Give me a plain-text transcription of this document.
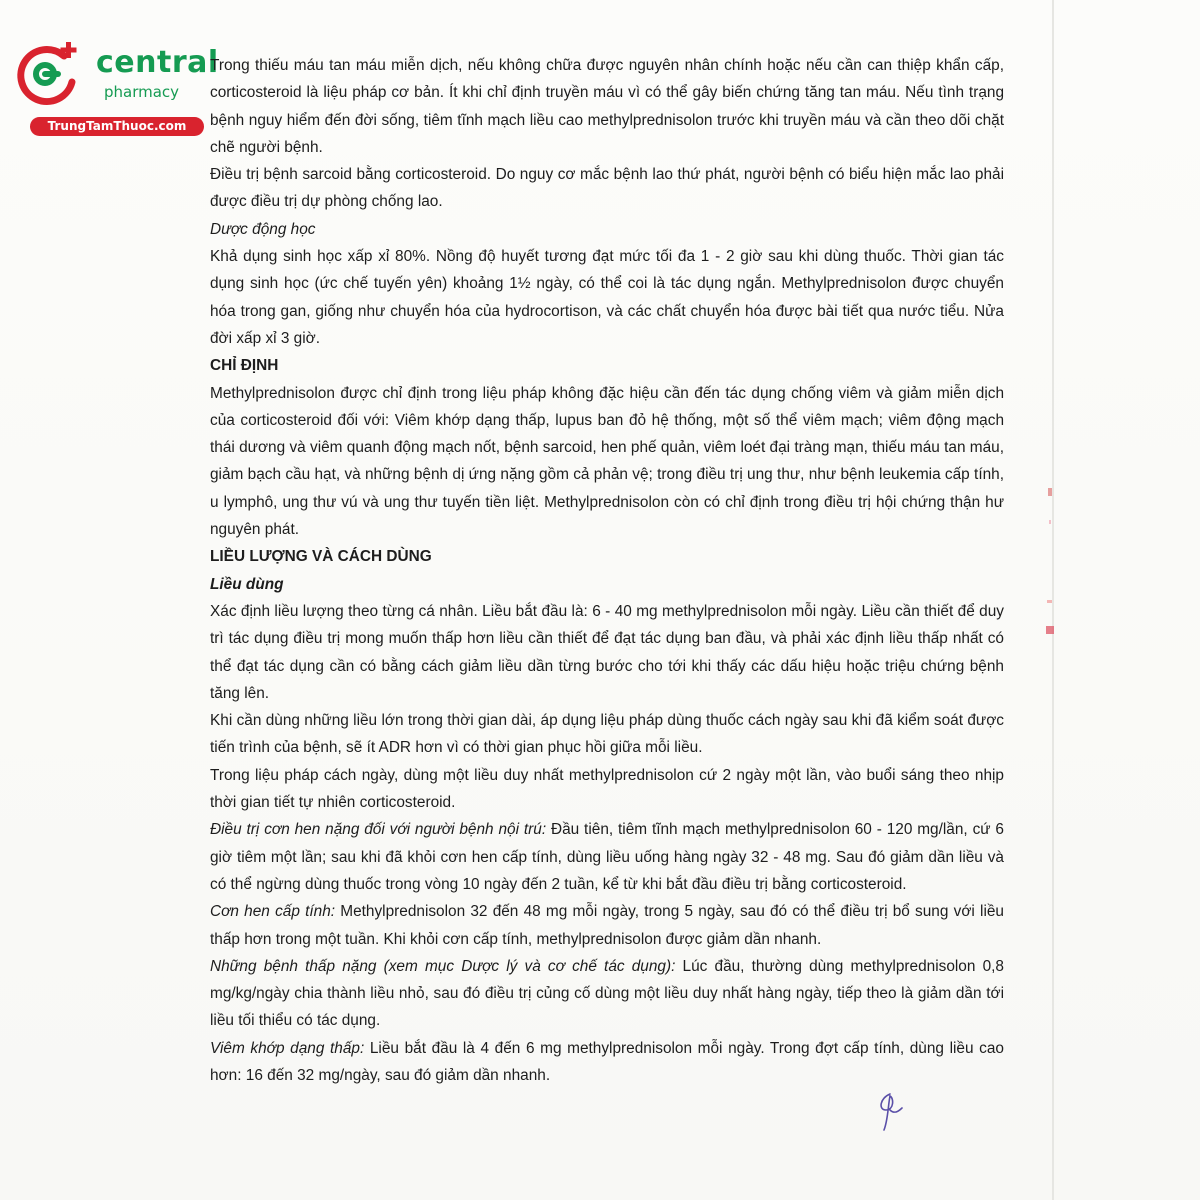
central
pharmacy
TrungTamThuoc.com

Trong thiếu máu tan máu miễn dịch, nếu không chữa được nguyên nhân chính hoặc nếu cần can thiệp khẩn cấp, corticosteroid là liệu pháp cơ bản. Ít khi chỉ định truyền máu vì có thể gây biến chứng tăng tan máu. Nếu tình trạng bệnh nguy hiểm đến đời sống, tiêm tĩnh mạch liều cao methylprednisolon trước khi truyền máu và cần theo dõi chặt chẽ người bệnh.

Điều trị bệnh sarcoid bằng corticosteroid. Do nguy cơ mắc bệnh lao thứ phát, người bệnh có biểu hiện mắc lao phải được điều trị dự phòng chống lao.

Dược động học

Khả dụng sinh học xấp xỉ 80%. Nồng độ huyết tương đạt mức tối đa 1 - 2 giờ sau khi dùng thuốc. Thời gian tác dụng sinh học (ức chế tuyến yên) khoảng 1½ ngày, có thể coi là tác dụng ngắn. Methylprednisolon được chuyển hóa trong gan, giống như chuyển hóa của hydrocortison, và các chất chuyển hóa được bài tiết qua nước tiểu. Nửa đời xấp xỉ 3 giờ.

CHỈ ĐỊNH

Methylprednisolon được chỉ định trong liệu pháp không đặc hiệu cần đến tác dụng chống viêm và giảm miễn dịch của corticosteroid đối với: Viêm khớp dạng thấp, lupus ban đỏ hệ thống, một số thể viêm mạch; viêm động mạch thái dương và viêm quanh động mạch nốt, bệnh sarcoid, hen phế quản, viêm loét đại tràng mạn, thiếu máu tan máu, giảm bạch cầu hạt, và những bệnh dị ứng nặng gồm cả phản vệ; trong điều trị ung thư, như bệnh leukemia cấp tính, u lymphô, ung thư vú và ung thư tuyến tiền liệt. Methylprednisolon còn có chỉ định trong điều trị hội chứng thận hư nguyên phát.

LIỀU LƯỢNG VÀ CÁCH DÙNG

Liều dùng

Xác định liều lượng theo từng cá nhân. Liều bắt đầu là: 6 - 40 mg methylprednisolon mỗi ngày. Liều cần thiết để duy trì tác dụng điều trị mong muốn thấp hơn liều cần thiết để đạt tác dụng ban đầu, và phải xác định liều thấp nhất có thể đạt tác dụng cần có bằng cách giảm liều dần từng bước cho tới khi thấy các dấu hiệu hoặc triệu chứng bệnh tăng lên.

Khi cần dùng những liều lớn trong thời gian dài, áp dụng liệu pháp dùng thuốc cách ngày sau khi đã kiểm soát được tiến trình của bệnh, sẽ ít ADR hơn vì có thời gian phục hồi giữa mỗi liều.

Trong liệu pháp cách ngày, dùng một liều duy nhất methylprednisolon cứ 2 ngày một lần, vào buổi sáng theo nhịp thời gian tiết tự nhiên corticosteroid.

Điều trị cơn hen nặng đối với người bệnh nội trú: Đầu tiên, tiêm tĩnh mạch methylprednisolon 60 - 120 mg/lần, cứ 6 giờ tiêm một lần; sau khi đã khỏi cơn hen cấp tính, dùng liều uống hàng ngày 32 - 48 mg. Sau đó giảm dần liều và có thể ngừng dùng thuốc trong vòng 10 ngày đến 2 tuần, kể từ khi bắt đầu điều trị bằng corticosteroid.

Cơn hen cấp tính: Methylprednisolon 32 đến 48 mg mỗi ngày, trong 5 ngày, sau đó có thể điều trị bổ sung với liều thấp hơn trong một tuần. Khi khỏi cơn cấp tính, methylprednisolon được giảm dần nhanh.

Những bệnh thấp nặng (xem mục Dược lý và cơ chế tác dụng): Lúc đầu, thường dùng methylprednisolon 0,8 mg/kg/ngày chia thành liều nhỏ, sau đó điều trị củng cố dùng một liều duy nhất hàng ngày, tiếp theo là giảm dần tới liều tối thiểu có tác dụng.

Viêm khớp dạng thấp: Liều bắt đầu là 4 đến 6 mg methylprednisolon mỗi ngày. Trong đợt cấp tính, dùng liều cao hơn: 16 đến 32 mg/ngày, sau đó giảm dần nhanh.
